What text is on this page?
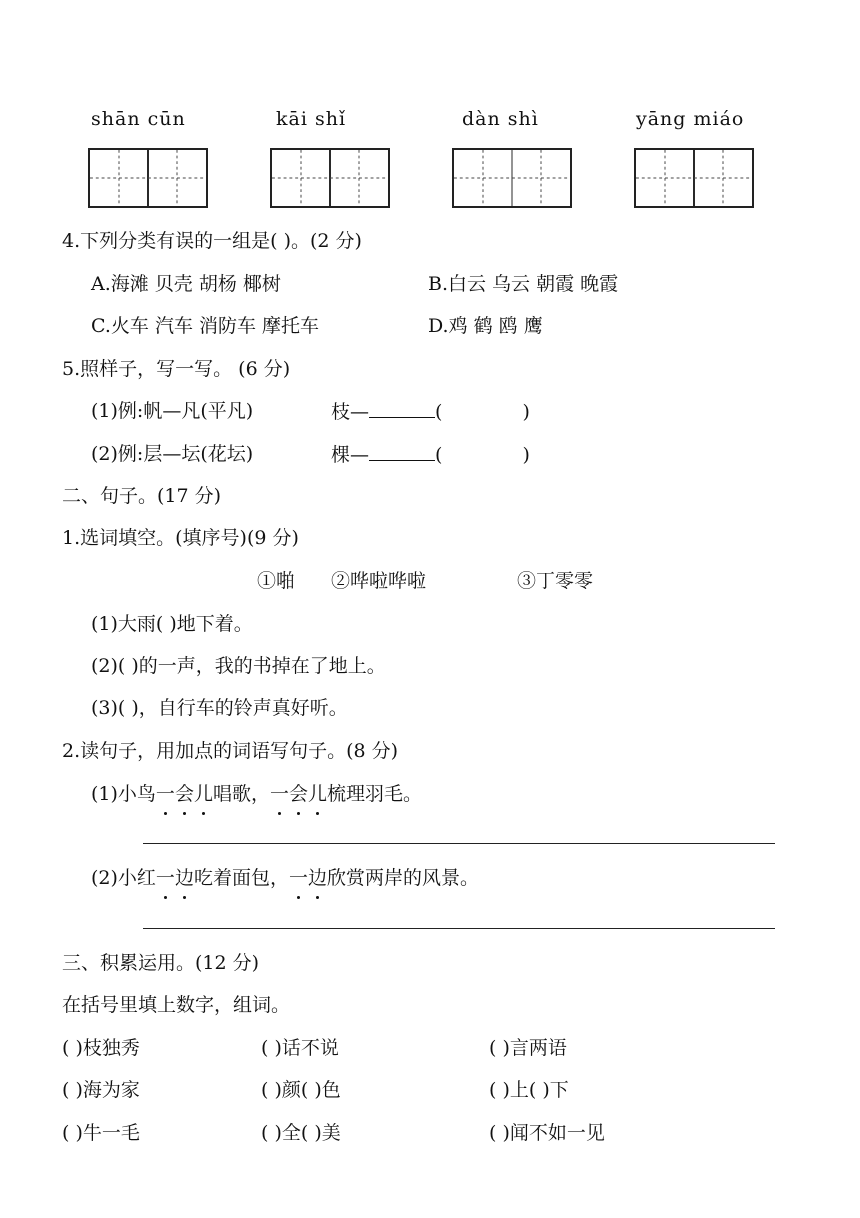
shān cūn	kāi shǐ	dàn shì	yāng miáo
4.下列分类有误的一组是( )。(2 分)
A.海滩 贝壳 胡杨 椰树	B.白云 乌云 朝霞 晚霞
C.火车 汽车 消防车 摩托车	D.鸡 鹤 鸥 鹰
5.照样子，写一写。 (6 分)
(1)例:帆—凡(平凡)	枝—	(	)
(2)例:层—坛(花坛)	棵—	(	)
二、句子。(17 分)
1.选词填空。(填序号)(9 分)
①啪 ②哗啦哗啦	③丁零零
(1)大雨( )地下着。
(2)( )的一声，我的书掉在了地上。
(3)( )，自行车的铃声真好听。
2.读句子，用加点的词语写句子。(8 分)
(1)小鸟一会儿唱歌，一会儿梳理羽毛。
(2)小红一边吃着面包，一边欣赏两岸的风景。
三、积累运用。(12 分)
在括号里填上数字，组词。
( )枝独秀	( )话不说	( )言两语
( )海为家	( )颜( )色	( )上( )下
( )牛一毛	( )全( )美	( )闻不如一见
